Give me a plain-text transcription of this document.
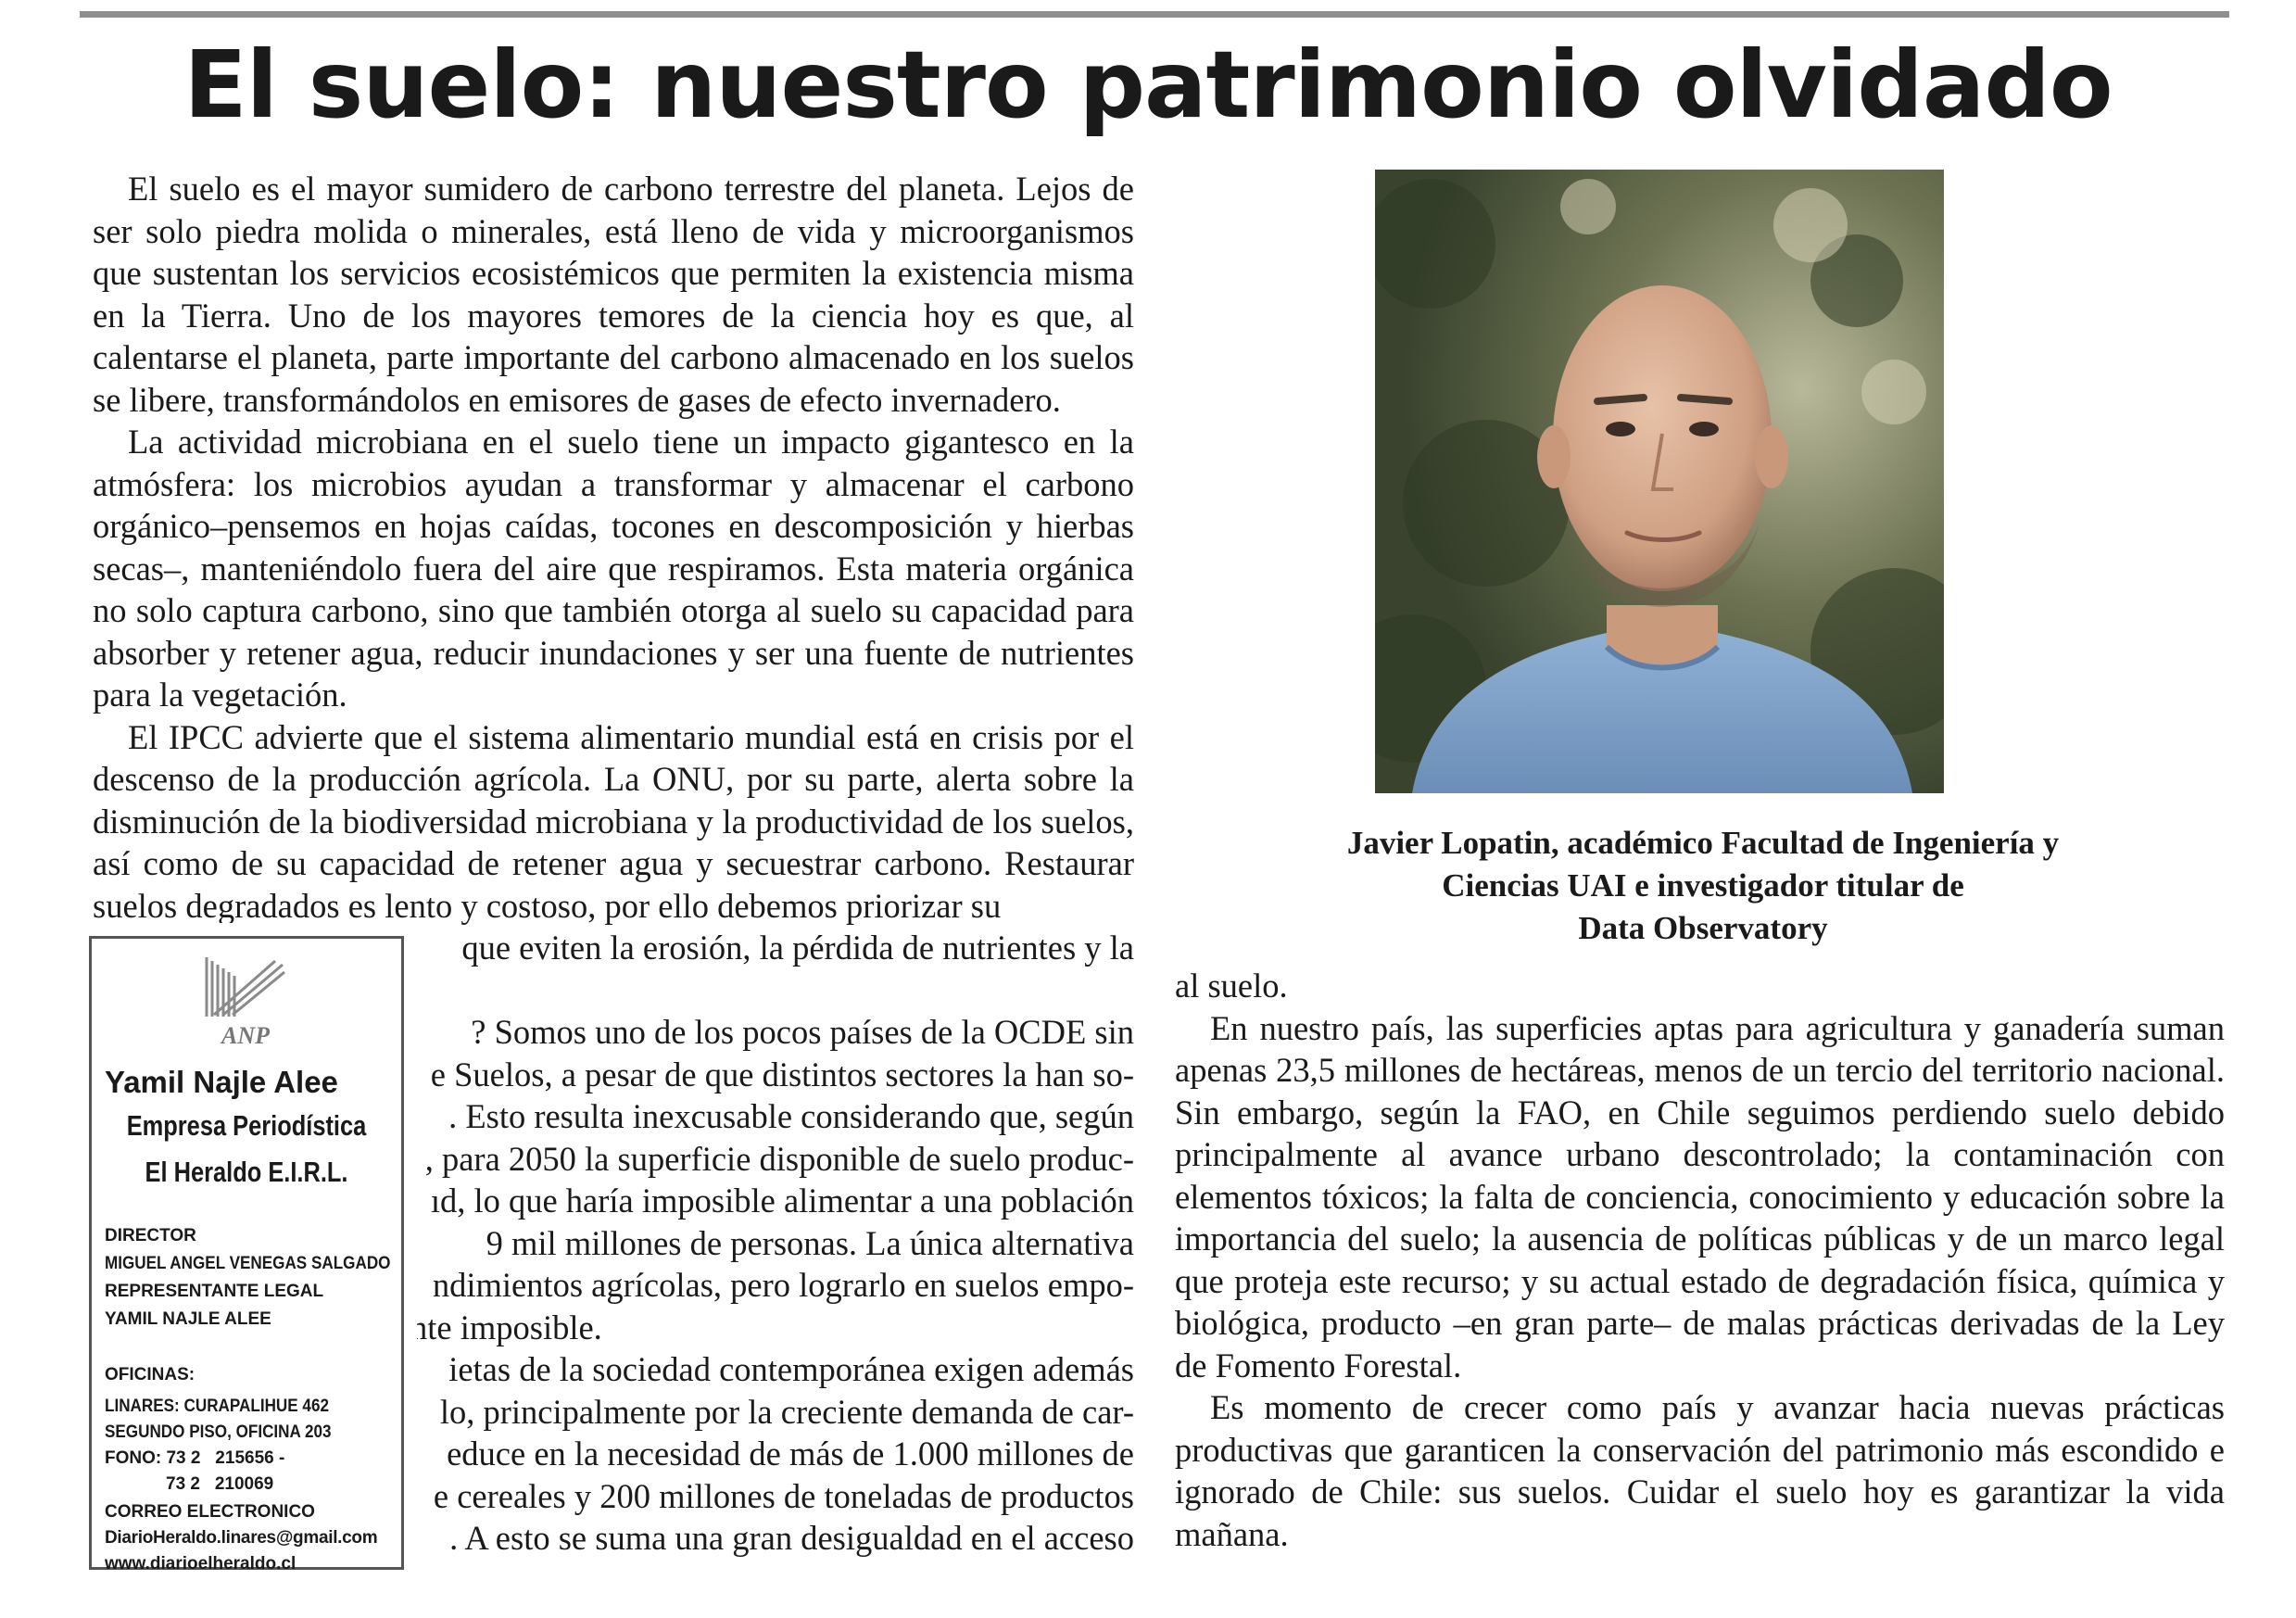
El suelo: nuestro patrimonio olvidado

El suelo es el mayor sumidero de carbono terrestre del planeta. Lejos de ser solo piedra molida o minerales, está lleno de vida y microorganismos que sustentan los servicios ecosistémicos que permiten la existencia misma en la Tierra. Uno de los mayores temores de la ciencia hoy es que, al calentarse el planeta, parte importante del carbono almacenado en los suelos se libere, transformándolos en emisores de gases de efecto invernadero.

La actividad microbiana en el suelo tiene un impacto gigantesco en la atmósfera: los microbios ayudan a transformar y almacenar el carbono orgánico–pensemos en hojas caídas, tocones en descomposición y hierbas secas–, manteniéndolo fuera del aire que respiramos. Esta materia orgánica no solo captura carbono, sino que también otorga al suelo su capacidad para absorber y retener agua, reducir inundaciones y ser una fuente de nutrientes para la vegetación.

El IPCC advierte que el sistema alimentario mundial está en crisis por el descenso de la producción agrícola. La ONU, por su parte, alerta sobre la disminución de la biodiversidad microbiana y la productividad de los suelos, así como de su capacidad de retener agua y secuestrar carbono. Restaurar suelos degradados es lento y costoso, por ello debemos priorizar su

que eviten la erosión, la pérdida de nutrientes y la

? Somos uno de los pocos países de la OCDE sin

e Suelos, a pesar de que distintos sectores la han so-

. Esto resulta inexcusable considerando que, según

, para 2050 la superficie disponible de suelo produc-

ıd, lo que haría imposible alimentar a una población

9 mil millones de personas. La única alternativa

ndimientos agrícolas, pero lograrlo en suelos empo-

nte imposible.

ietas de la sociedad contemporánea exigen además

lo, principalmente por la creciente demanda de car-

educe en la necesidad de más de 1.000 millones de

e cereales y 200 millones de toneladas de productos

. A esto se suma una gran desigualdad en el acceso

ANP
Yamil Najle Alee
Empresa Periodística
El Heraldo E.I.R.L.
DIRECTOR
MIGUEL ANGEL VENEGAS SALGADO
REPRESENTANTE LEGAL
YAMIL NAJLE ALEE
OFICINAS:
LINARES: CURAPALIHUE 462
SEGUNDO PISO, OFICINA 203
FONO: 73 2   215656 -
73 2   210069
CORREO ELECTRONICO
DiarioHeraldo.linares@gmail.com
www.diarioelheraldo.cl
Javier Lopatin, académico Facultad de Ingeniería y
Ciencias UAI e investigador titular de
Data Observatory

al suelo.

En nuestro país, las superficies aptas para agricultura y ganadería suman apenas 23,5 millones de hectáreas, menos de un tercio del territorio nacional. Sin embargo, según la FAO, en Chile seguimos perdiendo suelo debido principalmente al avance urbano descontrolado; la contaminación con elementos tóxicos; la falta de conciencia, conocimiento y educación sobre la importancia del suelo; la ausencia de políticas públicas y de un marco legal que proteja este recurso; y su actual estado de degradación física, química y biológica, producto –en gran parte– de malas prácticas derivadas de la Ley de Fomento Forestal.

Es momento de crecer como país y avanzar hacia nuevas prácticas productivas que garanticen la conservación del patrimonio más escondido e ignorado de Chile: sus suelos. Cuidar el suelo hoy es garantizar la vida mañana.
